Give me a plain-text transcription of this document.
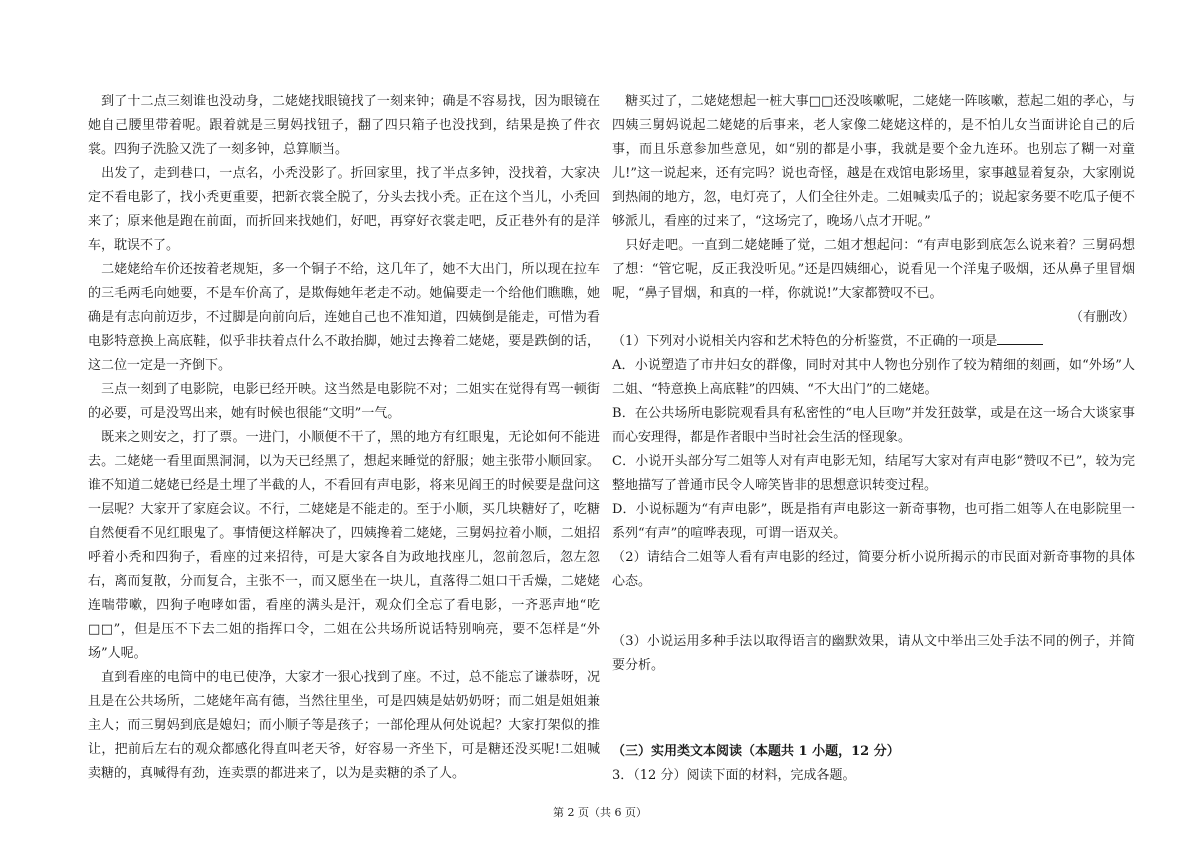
　到了十二点三刻谁也没动身，二姥姥找眼镜找了一刻来钟；确是不容易找，因为眼镜在她自己腰里带着呢。跟着就是三舅妈找钮子，翻了四只箱子也没找到，结果是换了件衣裳。四狗子洗脸又洗了一刻多钟，总算顺当。

　出发了，走到巷口，一点名，小秃没影了。折回家里，找了半点多钟，没找着，大家决定不看电影了，找小秃更重要，把新衣裳全脱了，分头去找小秃。正在这个当儿，小秃回来了；原来他是跑在前面，而折回来找她们，好吧，再穿好衣裳走吧，反正巷外有的是洋车，耽误不了。

　二姥姥给车价还按着老规矩，多一个铜子不给，这几年了，她不大出门，所以现在拉车的三毛两毛向她要，不是车价高了，是欺侮她年老走不动。她偏要走一个给他们瞧瞧，她确是有志向前迈步，不过脚是向前向后，连她自己也不准知道，四姨倒是能走，可惜为看电影特意换上高底鞋，似乎非扶着点什么不敢抬脚，她过去搀着二姥姥，要是跌倒的话，这二位一定是一齐倒下。

　三点一刻到了电影院，电影已经开映。这当然是电影院不对；二姐实在觉得有骂一顿街的必要，可是没骂出来，她有时候也很能“文明”一气。

　既来之则安之，打了票。一进门，小顺便不干了，黑的地方有红眼鬼，无论如何不能进去。二姥姥一看里面黑洞洞，以为天已经黑了，想起来睡觉的舒服；她主张带小顺回家。谁不知道二姥姥已经是土埋了半截的人，不看回有声电影，将来见阎王的时候要是盘问这一层呢？大家开了家庭会议。不行，二姥姥是不能走的。至于小顺，买几块糖好了，吃糖自然便看不见红眼鬼了。事情便这样解决了，四姨搀着二姥姥，三舅妈拉着小顺，二姐招呼着小秃和四狗子，看座的过来招待，可是大家各自为政地找座儿，忽前忽后，忽左忽右，离而复散，分而复合，主张不一，而又愿坐在一块儿，直落得二姐口干舌燥，二姥姥连喘带嗽，四狗子咆哮如雷，看座的满头是汗，观众们全忘了看电影，一齐恶声地“吃□□”，但是压不下去二姐的指挥口令，二姐在公共场所说话特别响亮，要不怎样是“外场”人呢。

　直到看座的电筒中的电已使净，大家才一狠心找到了座。不过，总不能忘了谦恭呀，况且是在公共场所，二姥姥年高有德，当然往里坐，可是四姨是姑奶奶呀；而二姐是姐姐兼主人；而三舅妈到底是媳妇；而小顺子等是孩子；一部伦理从何处说起？大家打架似的推让，把前后左右的观众都感化得直叫老天爷，好容易一齐坐下，可是糖还没买呢!二姐喊卖糖的，真喊得有劲，连卖票的都进来了，以为是卖糖的杀了人。

　糖买过了，二姥姥想起一桩大事□□还没咳嗽呢，二姥姥一阵咳嗽，惹起二姐的孝心，与四姨三舅妈说起二姥姥的后事来，老人家像二姥姥这样的，是不怕儿女当面讲论自己的后事，而且乐意参加些意见，如“别的都是小事，我就是要个金九连环。也别忘了糊一对童儿!”这一说起来，还有完吗？说也奇怪，越是在戏馆电影场里，家事越显着复杂，大家刚说到热闹的地方，忽，电灯亮了，人们全往外走。二姐喊卖瓜子的；说起家务要不吃瓜子便不够派儿，看座的过来了，“这场完了，晚场八点才开呢。”

　只好走吧。一直到二姥姥睡了觉，二姐才想起问：“有声电影到底怎么说来着？三舅码想了想：“管它呢，反正我没听见。”还是四姨细心，说看见一个洋鬼子吸烟，还从鼻子里冒烟呢，“鼻子冒烟，和真的一样，你就说!”大家都赞叹不已。

（有删改）

（1）下列对小说相关内容和艺术特色的分析鉴赏，不正确的一项是

A．小说塑造了市井妇女的群像，同时对其中人物也分别作了较为精细的刻画，如“外场”人二姐、“特意换上高底鞋”的四姨、“不大出门”的二姥姥。

B．在公共场所电影院观看具有私密性的“电人巨吻”并发狂鼓掌，或是在这一场合大谈家事而心安理得，都是作者眼中当时社会生活的怪现象。

C．小说开头部分写二姐等人对有声电影无知，结尾写大家对有声电影“赞叹不已”，较为完整地描写了普通市民令人啼笑皆非的思想意识转变过程。

D．小说标题为“有声电影”，既是指有声电影这一新奇事物，也可指二姐等人在电影院里一系列“有声”的喧哗表现，可谓一语双关。

（2）请结合二姐等人看有声电影的经过，简要分析小说所揭示的市民面对新奇事物的具体心态。

（3）小说运用多种手法以取得语言的幽默效果，请从文中举出三处手法不同的例子，并简要分析。

（三）实用类文本阅读（本题共 1 小题，12 分）

3．（12 分）阅读下面的材料，完成各题。

第 2 页（共 6 页）
